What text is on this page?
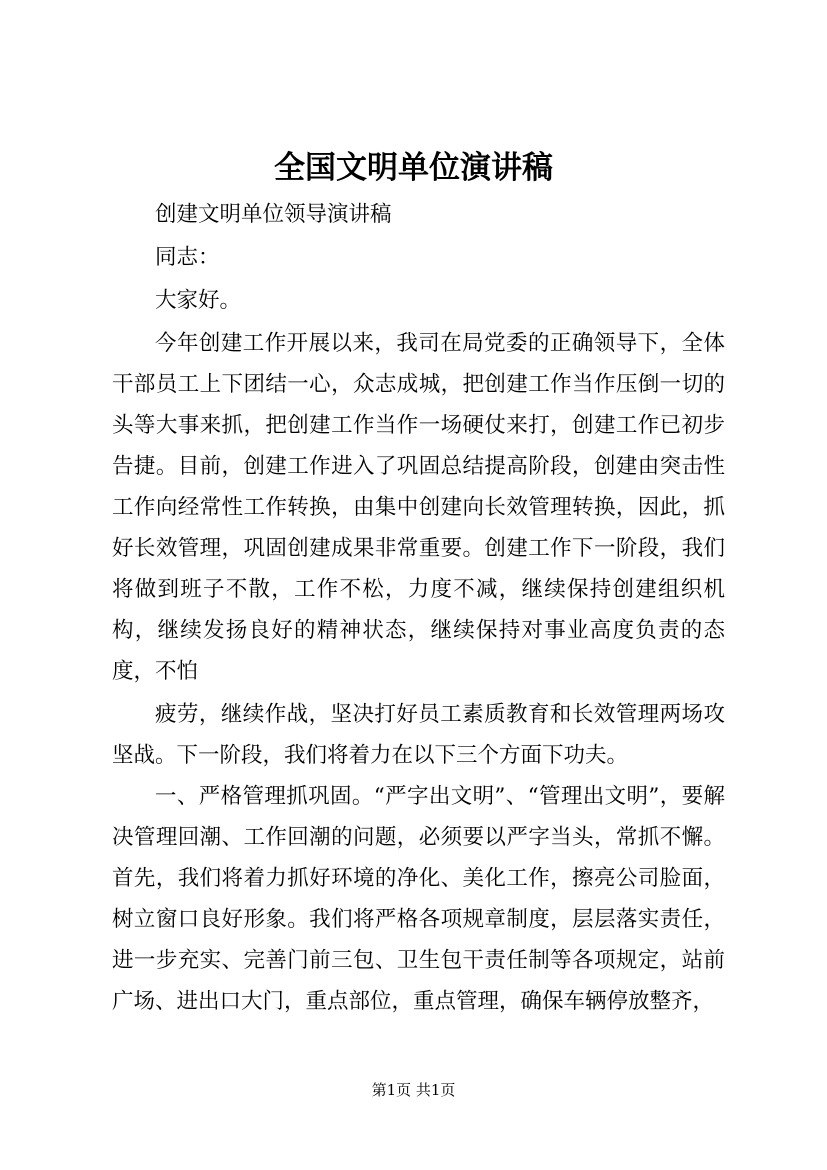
全国文明单位演讲稿

创建文明单位领导演讲稿

同志：

大家好。

今年创建工作开展以来，我司在局党委的正确领导下，全体干部员工上下团结一心，众志成城，把创建工作当作压倒一切的头等大事来抓，把创建工作当作一场硬仗来打，创建工作已初步告捷。目前，创建工作进入了巩固总结提高阶段，创建由突击性工作向经常性工作转换，由集中创建向长效管理转换，因此，抓好长效管理，巩固创建成果非常重要。创建工作下一阶段，我们将做到班子不散，工作不松，力度不减，继续保持创建组织机构，继续发扬良好的精神状态，继续保持对事业高度负责的态度，不怕

疲劳，继续作战，坚决打好员工素质教育和长效管理两场攻坚战。下一阶段，我们将着力在以下三个方面下功夫。

一、严格管理抓巩固。“严字出文明”、“管理出文明”，要解决管理回潮、工作回潮的问题，必须要以严字当头，常抓不懈。首先，我们将着力抓好环境的净化、美化工作，擦亮公司脸面，树立窗口良好形象。我们将严格各项规章制度，层层落实责任，进一步充实、完善门前三包、卫生包干责任制等各项规定，站前广场、进出口大门，重点部位，重点管理，确保车辆停放整齐，

第1页 共1页
